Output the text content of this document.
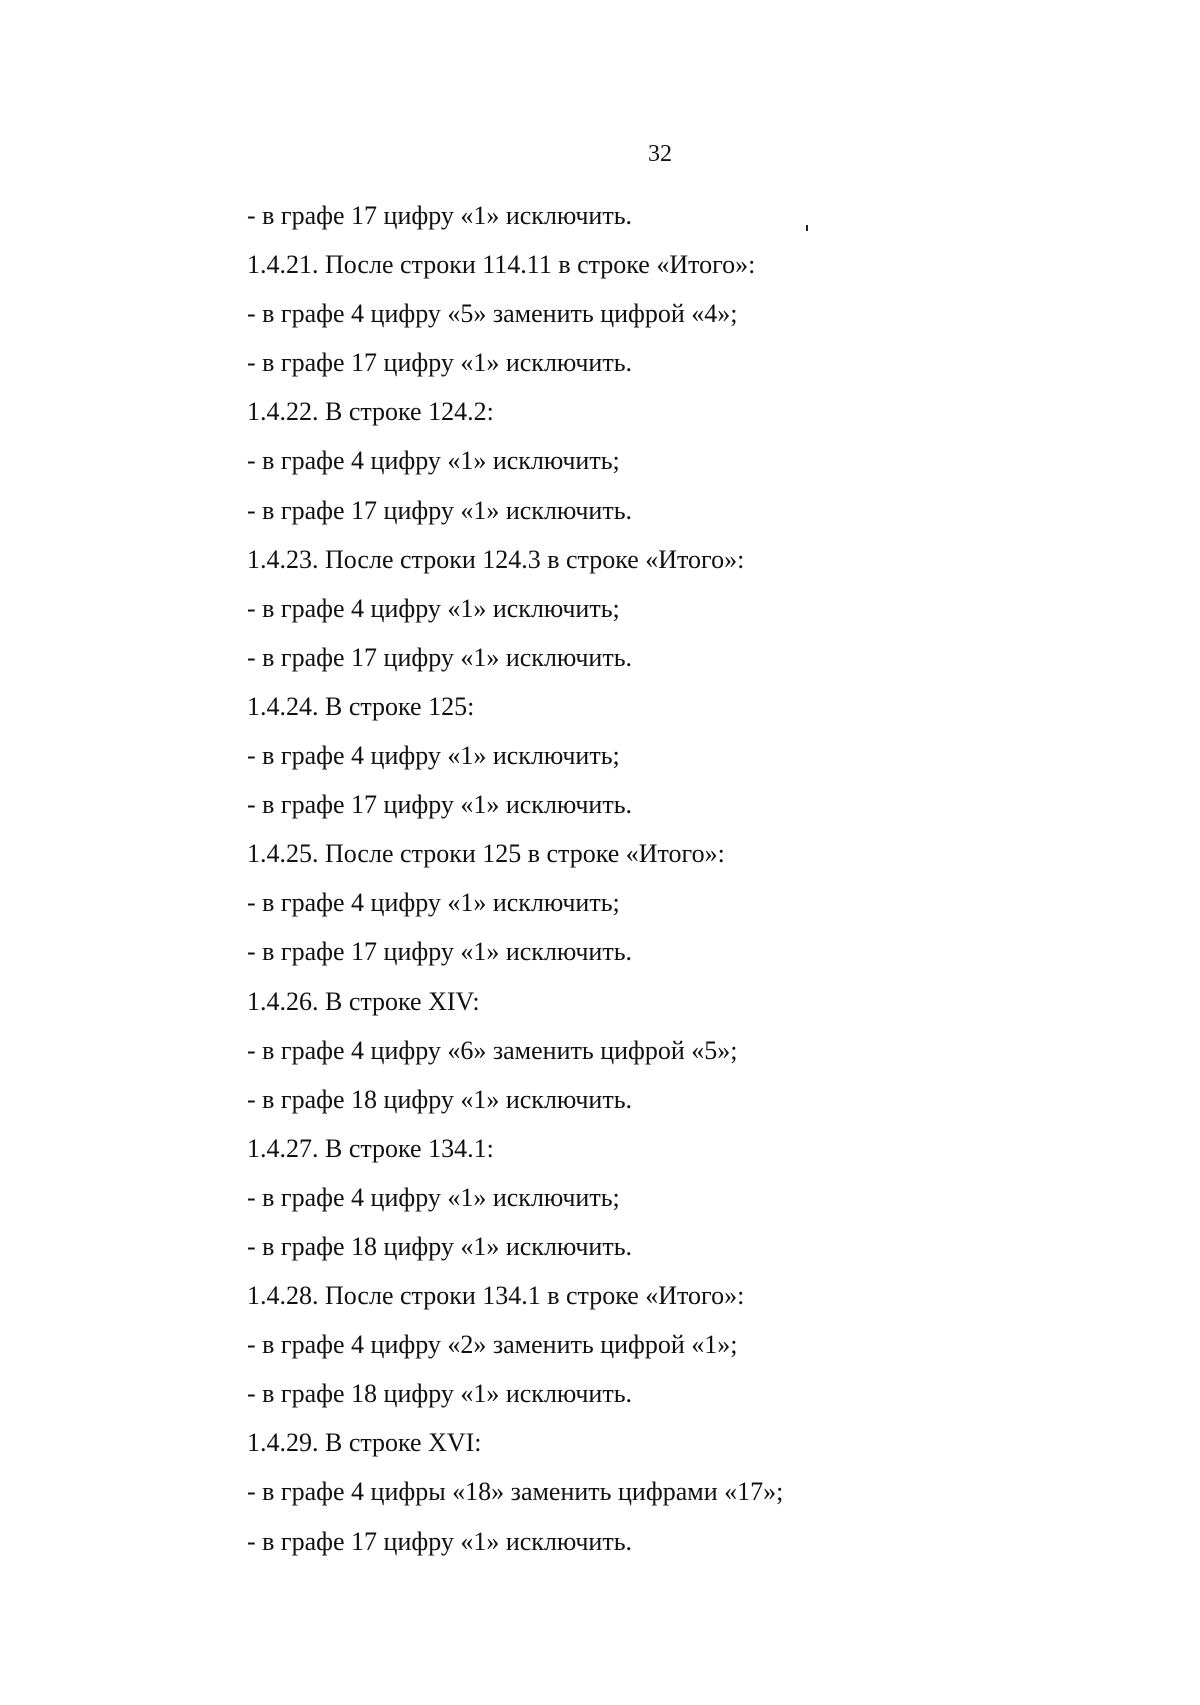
32
- в графе 17 цифру «1» исключить.
1.4.21. После строки 114.11 в строке «Итого»:
- в графе 4 цифру «5» заменить цифрой «4»;
- в графе 17 цифру «1» исключить.
1.4.22. В строке 124.2:
- в графе 4 цифру «1» исключить;
- в графе 17 цифру «1» исключить.
1.4.23. После строки 124.3 в строке «Итого»:
- в графе 4 цифру «1» исключить;
- в графе 17 цифру «1» исключить.
1.4.24. В строке 125:
- в графе 4 цифру «1» исключить;
- в графе 17 цифру «1» исключить.
1.4.25. После строки 125 в строке «Итого»:
- в графе 4 цифру «1» исключить;
- в графе 17 цифру «1» исключить.
1.4.26. В строке XIV:
- в графе 4 цифру «6» заменить цифрой «5»;
- в графе 18 цифру «1» исключить.
1.4.27. В строке 134.1:
- в графе 4 цифру «1» исключить;
- в графе 18 цифру «1» исключить.
1.4.28. После строки 134.1 в строке «Итого»:
- в графе 4 цифру «2» заменить цифрой «1»;
- в графе 18 цифру «1» исключить.
1.4.29. В строке XVI:
- в графе 4 цифры «18» заменить цифрами «17»;
- в графе 17 цифру «1» исключить.
